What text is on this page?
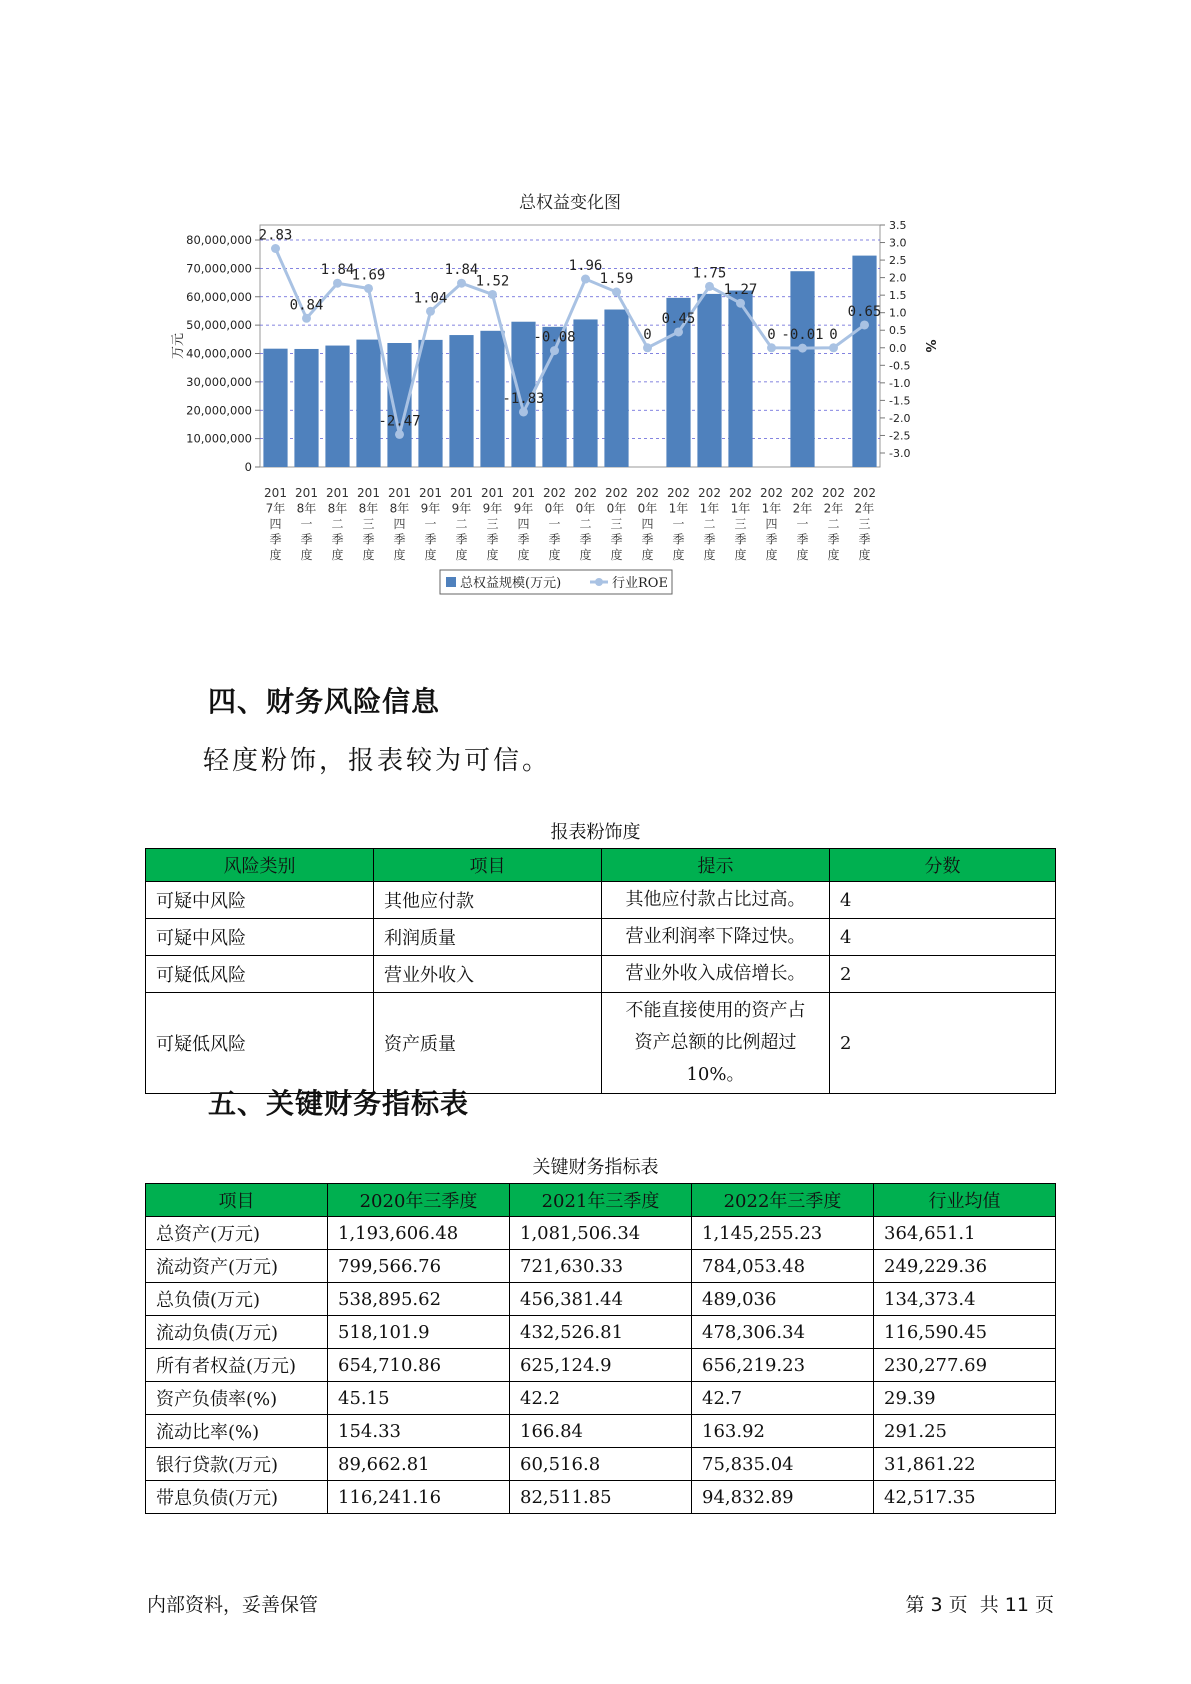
总权益变化图
0
10,000,000
20,000,000
30,000,000
40,000,000
50,000,000
60,000,000
70,000,000
80,000,000
万元
-3.0
-2.5
-2.0
-1.5
-1.0
-0.5
0.0
0.5
1.0
1.5
2.0
2.5
3.0
3.5
%
2.83
0.84
1.84
1.69
-2.47
1.04
1.84
1.52
-1.83
-0.08
1.96
1.59
0
0.45
1.75
1.27
0 -0.01 0
0.65
201
7年
四
季
度
201
8年
一
季
度
201
8年
二
季
度
201
8年
三
季
度
201
8年
四
季
度
201
9年
一
季
度
201
9年
二
季
度
201
9年
三
季
度
201
9年
四
季
度
202
0年
一
季
度
202
0年
二
季
度
202
0年
三
季
度
202
0年
四
季
度
202
1年
一
季
度
202
1年
二
季
度
202
1年
三
季
度
202
1年
四
季
度
202
2年
一
季
度
202
2年
二
季
度
202
2年
三
季
度
总权益规模(万元)	行业ROE
四、财务风险信息
轻度粉饰，报表较为可信。
报表粉饰度
风险类别	项目	提示	分数
可疑中风险	其他应付款	其他应付款占比过高。	4
可疑中风险	利润质量	营业利润率下降过快。	4
可疑低风险	营业外收入	营业外收入成倍增长。	2
可疑低风险	资产质量	不能直接使用的资产占
资产总额的比例超过10%。	2
五、关键财务指标表
关键财务指标表
项目	2020年三季度	2021年三季度	2022年三季度	行业均值
总资产(万元)	1,193,606.48	1,081,506.34	1,145,255.23	364,651.1
流动资产(万元)	799,566.76	721,630.33	784,053.48	249,229.36
总负债(万元)	538,895.62	456,381.44	489,036	134,373.4
流动负债(万元)	518,101.9	432,526.81	478,306.34	116,590.45
所有者权益(万元)	654,710.86	625,124.9	656,219.23	230,277.69
资产负债率(%)	45.15	42.2	42.7	29.39
流动比率(%)	154.33	166.84	163.92	291.25
银行贷款(万元)	89,662.81	60,516.8	75,835.04	31,861.22
带息负债(万元)	116,241.16	82,511.85	94,832.89	42,517.35
内部资料，妥善保管	第 3 页  共 11 页
